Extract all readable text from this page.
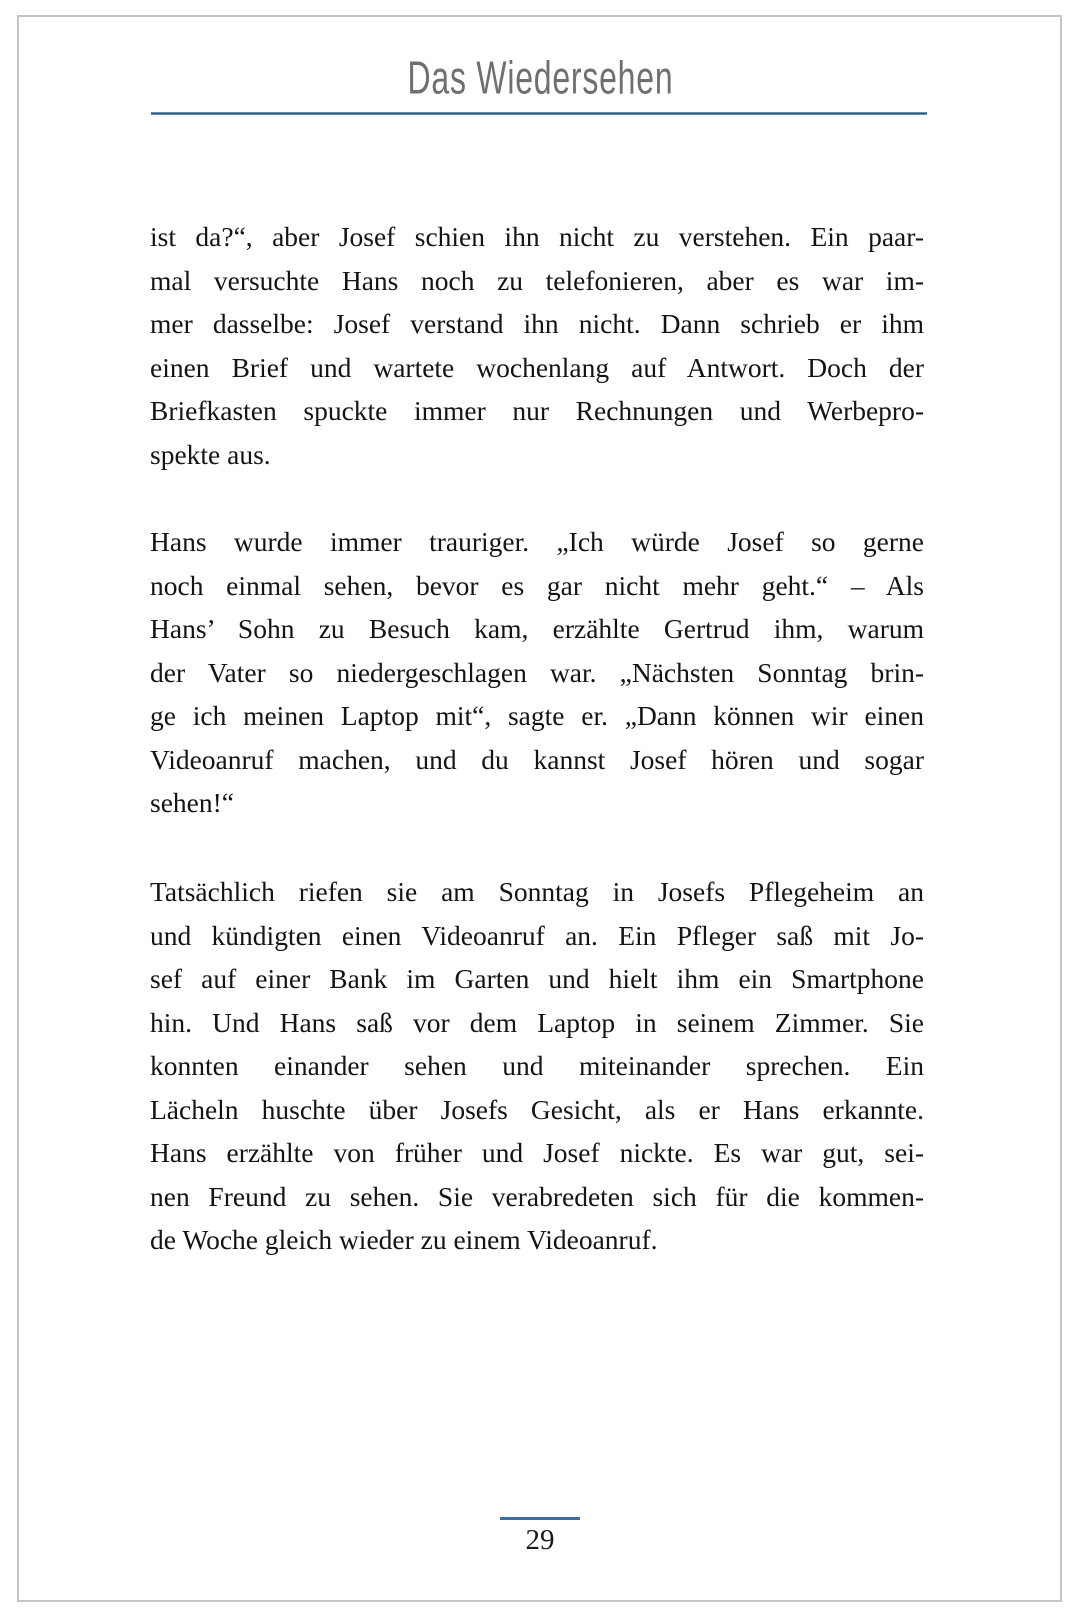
Das Wiedersehen
ist da?“, aber Josef schien ihn nicht zu verstehen. Ein paar-
mal versuchte Hans noch zu telefonieren, aber es war im-
mer dasselbe: Josef verstand ihn nicht. Dann schrieb er ihm
einen Brief und wartete wochenlang auf Antwort. Doch der
Briefkasten spuckte immer nur Rechnungen und Werbepro-
spekte aus.
Hans wurde immer trauriger. „Ich würde Josef so gerne
noch einmal sehen, bevor es gar nicht mehr geht.“ – Als
Hans’ Sohn zu Besuch kam, erzählte Gertrud ihm, warum
der Vater so niedergeschlagen war. „Nächsten Sonntag brin-
ge ich meinen Laptop mit“, sagte er. „Dann können wir einen
Videoanruf machen, und du kannst Josef hören und sogar
sehen!“
Tatsächlich riefen sie am Sonntag in Josefs Pflegeheim an
und kündigten einen Videoanruf an. Ein Pfleger saß mit Jo-
sef auf einer Bank im Garten und hielt ihm ein Smartphone
hin. Und Hans saß vor dem Laptop in seinem Zimmer. Sie
konnten einander sehen und miteinander sprechen. Ein
Lächeln huschte über Josefs Gesicht, als er Hans erkannte.
Hans erzählte von früher und Josef nickte. Es war gut, sei-
nen Freund zu sehen. Sie verabredeten sich für die kommen-
de Woche gleich wieder zu einem Videoanruf.
29
